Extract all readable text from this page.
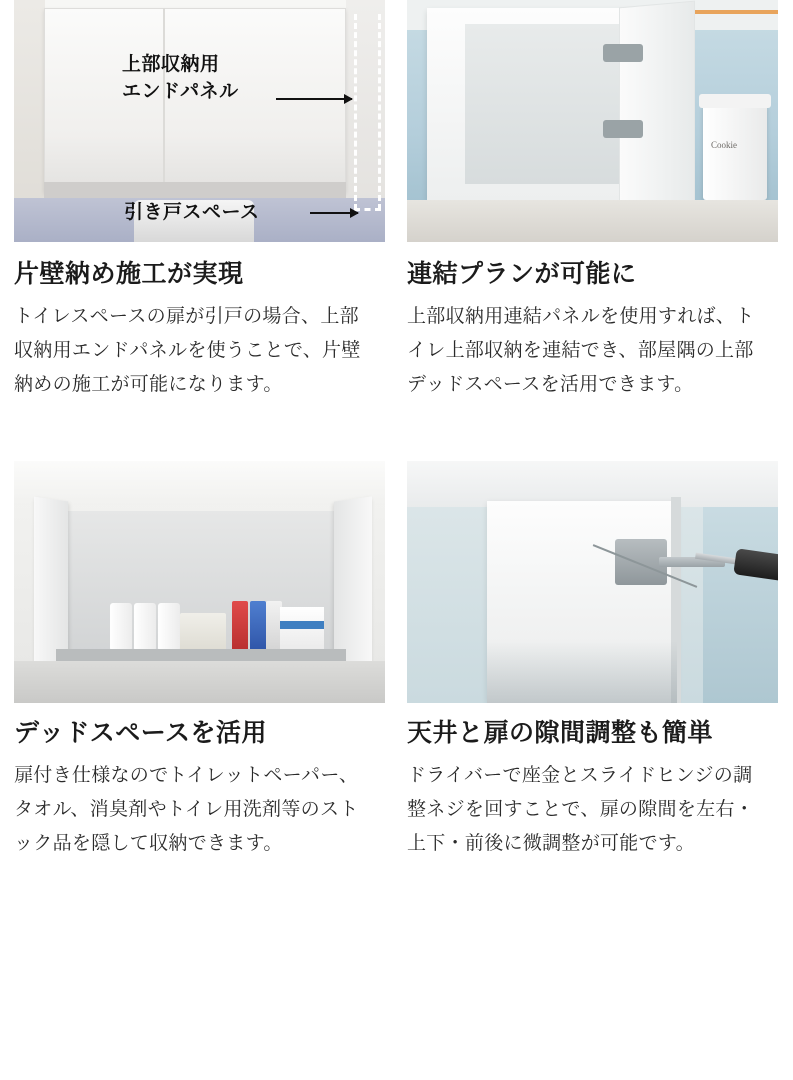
上部収納用
エンドパネル
引き戸スペース
片壁納め施工が実現

トイレスペースの扉が引戸の場合、上部収納用エンドパネルを使うことで、片壁納めの施工が可能になります。

Cookie
連結プランが可能に

上部収納用連結パネルを使用すれば、トイレ上部収納を連結でき、部屋隅の上部デッドスペースを活用できます。

デッドスペースを活用

扉付き仕様なのでトイレットペーパー、タオル、消臭剤やトイレ用洗剤等のストック品を隠して収納できます。

天井と扉の隙間調整も簡単

ドライバーで座金とスライドヒンジの調整ネジを回すことで、扉の隙間を左右・上下・前後に微調整が可能です。
